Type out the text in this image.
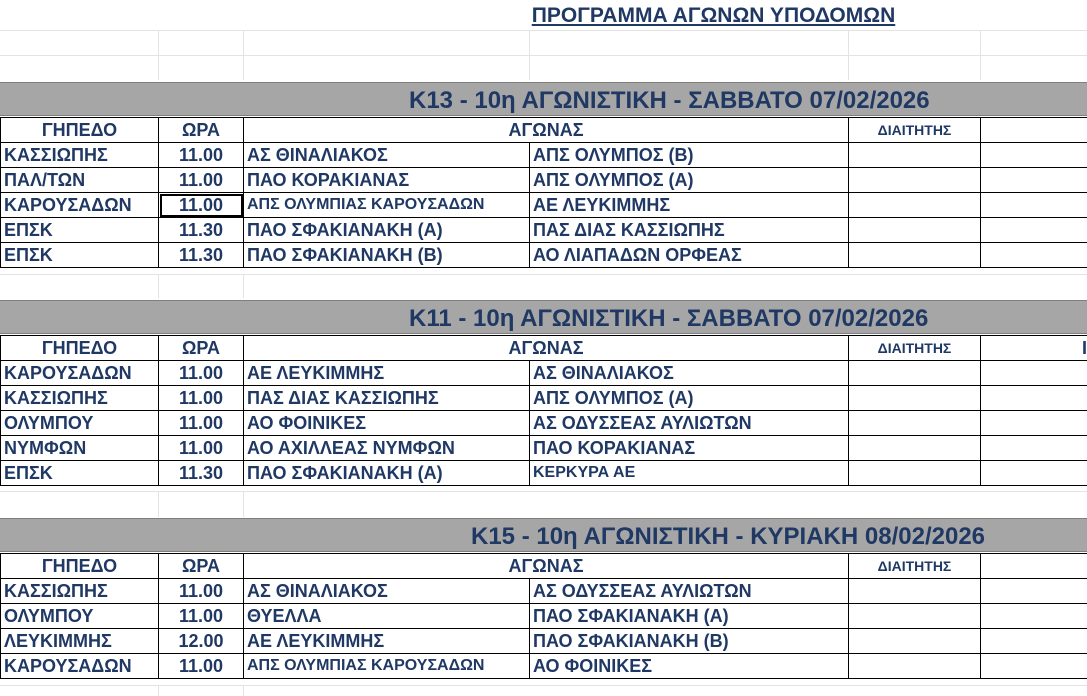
ΠΡΟΓΡΑΜΜΑ ΑΓΩΝΩΝ ΥΠΟΔΟΜΩΝ
Κ13 - 10η ΑΓΩΝΙΣΤΙΚΗ - ΣΑΒΒΑΤΟ 07/02/2026
ΓΗΠΕΔΟ	ΩΡΑ	ΑΓΩΝΑΣ		ΔΙΑΙΤΗΤΗΣ	
ΚΑΣΣΙΩΠΗΣ	11.00	ΑΣ ΘΙΝΑΛΙΑΚΟΣ	ΑΠΣ ΟΛΥΜΠΟΣ (Β)		
ΠΑΛ/ΤΩΝ	11.00	ΠΑΟ ΚΟΡΑΚΙΑΝΑΣ	ΑΠΣ ΟΛΥΜΠΟΣ (Α)		
ΚΑΡΟΥΣΑΔΩΝ	11.00	ΑΠΣ ΟΛΥΜΠΙΑΣ ΚΑΡΟΥΣΑΔΩΝ	ΑΕ ΛΕΥΚΙΜΜΗΣ		
ΕΠΣΚ	11.30	ΠΑΟ ΣΦΑΚΙΑΝΑΚΗ (Α)	ΠΑΣ ΔΙΑΣ ΚΑΣΣΙΩΠΗΣ		
ΕΠΣΚ	11.30	ΠΑΟ ΣΦΑΚΙΑΝΑΚΗ (Β)	ΑΟ ΛΙΑΠΑΔΩΝ ΟΡΦΕΑΣ		
Κ11 - 10η ΑΓΩΝΙΣΤΙΚΗ - ΣΑΒΒΑΤΟ 07/02/2026
ΓΗΠΕΔΟ	ΩΡΑ	ΑΓΩΝΑΣ		ΔΙΑΙΤΗΤΗΣ	Ι
ΚΑΡΟΥΣΑΔΩΝ	11.00	ΑΕ ΛΕΥΚΙΜΜΗΣ	ΑΣ ΘΙΝΑΛΙΑΚΟΣ		
ΚΑΣΣΙΩΠΗΣ	11.00	ΠΑΣ ΔΙΑΣ ΚΑΣΣΙΩΠΗΣ	ΑΠΣ ΟΛΥΜΠΟΣ (Α)		
ΟΛΥΜΠΟΥ	11.00	ΑΟ ΦΟΙΝΙΚΕΣ	ΑΣ ΟΔΥΣΣΕΑΣ ΑΥΛΙΩΤΩΝ		
ΝΥΜΦΩΝ	11.00	ΑΟ ΑΧΙΛΛΕΑΣ ΝΥΜΦΩΝ	ΠΑΟ ΚΟΡΑΚΙΑΝΑΣ		
ΕΠΣΚ	11.30	ΠΑΟ ΣΦΑΚΙΑΝΑΚΗ (Α)	ΚΕΡΚΥΡΑ ΑΕ		
Κ15 - 10η ΑΓΩΝΙΣΤΙΚΗ - ΚΥΡΙΑΚΗ 08/02/2026
ΓΗΠΕΔΟ	ΩΡΑ	ΑΓΩΝΑΣ		ΔΙΑΙΤΗΤΗΣ	
ΚΑΣΣΙΩΠΗΣ	11.00	ΑΣ ΘΙΝΑΛΙΑΚΟΣ	ΑΣ ΟΔΥΣΣΕΑΣ ΑΥΛΙΩΤΩΝ		
ΟΛΥΜΠΟΥ	11.00	ΘΥΕΛΛΑ	ΠΑΟ ΣΦΑΚΙΑΝΑΚΗ (Α)		
ΛΕΥΚΙΜΜΗΣ	12.00	ΑΕ ΛΕΥΚΙΜΜΗΣ	ΠΑΟ ΣΦΑΚΙΑΝΑΚΗ (Β)		
ΚΑΡΟΥΣΑΔΩΝ	11.00	ΑΠΣ ΟΛΥΜΠΙΑΣ ΚΑΡΟΥΣΑΔΩΝ	ΑΟ ΦΟΙΝΙΚΕΣ		
